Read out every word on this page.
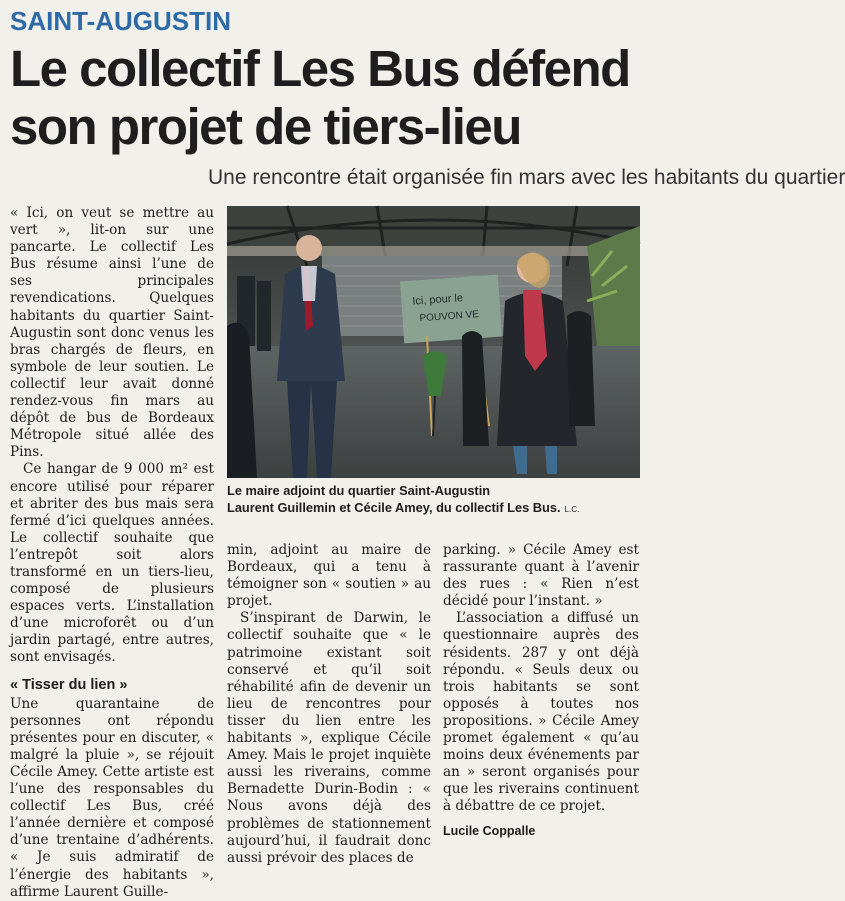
SAINT-AUGUSTIN
Le collectif Les Bus défend
son projet de tiers-lieu
Une rencontre était organisée fin mars avec les habitants du quartier

« Ici, on veut se mettre au vert », lit-on sur une pancarte. Le collectif Les Bus résume ainsi l’une de ses principales revendications. Quelques habitants du quartier Saint-Augustin sont donc venus les bras chargés de fleurs, en symbole de leur soutien. Le collectif leur avait donné rendez-vous fin mars au dépôt de bus de Bordeaux Métropole situé allée des Pins.

Ce hangar de 9 000 m² est encore utilisé pour réparer et abriter des bus mais sera fermé d’ici quelques années. Le collectif souhaite que l’entrepôt soit alors transformé en un tiers-lieu, composé de plusieurs espaces verts. L’installation d’une microforêt ou d’un jardin partagé, entre autres, sont envisagés.

« Tisser du lien »

Une quarantaine de personnes ont répondu présentes pour en discuter, « malgré la pluie », se réjouit Cécile Amey. Cette artiste est l’une des responsables du collectif Les Bus, créé l’année dernière et composé d’une trentaine d’adhérents. « Je suis admiratif de l’énergie des habitants », affirme Laurent Guille-

Ici, pour le
POUVON VE
Le maire adjoint du quartier Saint-Augustin
Laurent Guillemin et Cécile Amey, du collectif Les Bus. L.C.

min, adjoint au maire de Bordeaux, qui a tenu à témoigner son « soutien » au projet.

S’inspirant de Darwin, le collectif souhaite que « le patrimoine existant soit conservé et qu’il soit réhabilité afin de devenir un lieu de rencontres pour tisser du lien entre les habitants », explique Cécile Amey. Mais le projet inquiète aussi les riverains, comme Bernadette Durin-Bodin : « Nous avons déjà des problèmes de stationnement aujourd’hui, il faudrait donc aussi prévoir des places de

parking. » Cécile Amey est rassurante quant à l’avenir des rues : « Rien n’est décidé pour l’instant. »

L’association a diffusé un questionnaire auprès des résidents. 287 y ont déjà répondu. « Seuls deux ou trois habitants se sont opposés à toutes nos propositions. » Cécile Amey promet également « qu’au moins deux événements par an » seront organisés pour que les riverains continuent à débattre de ce projet.

Lucile Coppalle
